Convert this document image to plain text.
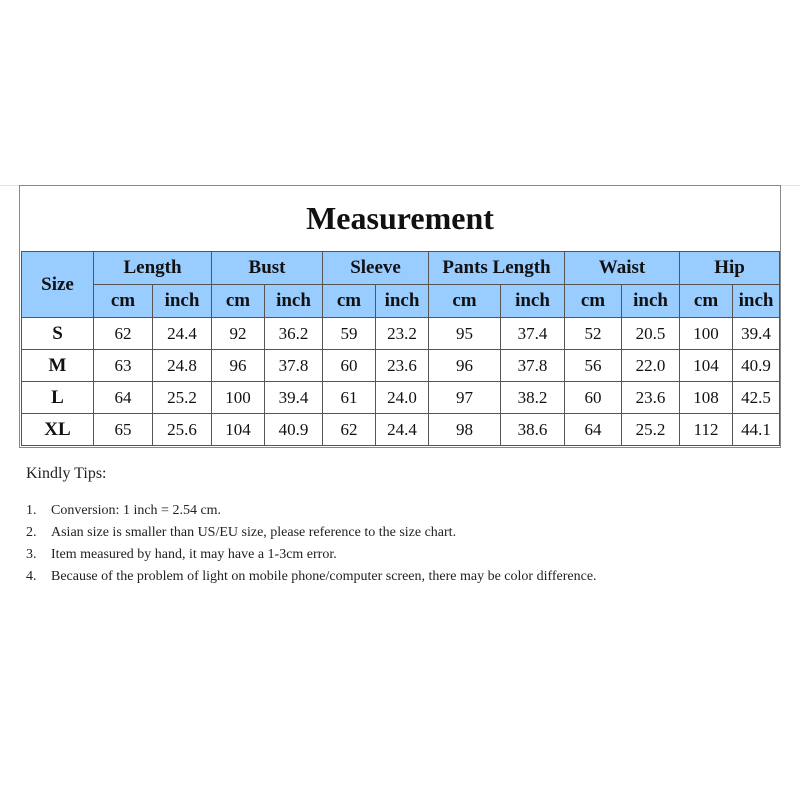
Measurement
Size	Length		Bust		Sleeve		Pants Length		Waist		Hip	
	cm	inch	cm	inch	cm	inch	cm	inch	cm	inch	cm	inch
S	62	24.4	92	36.2	59	23.2	95	37.4	52	20.5	100	39.4
M	63	24.8	96	37.8	60	23.6	96	37.8	56	22.0	104	40.9
L	64	25.2	100	39.4	61	24.0	97	38.2	60	23.6	108	42.5
XL	65	25.6	104	40.9	62	24.4	98	38.6	64	25.2	112	44.1
Kindly Tips:
1.	Conversion: 1 inch = 2.54 cm.
2.	Asian size is smaller than US/EU size, please reference to the size chart.
3.	Item measured by hand, it may have a 1-3cm error.
4.	Because of the problem of light on mobile phone/computer screen, there may be color difference.
